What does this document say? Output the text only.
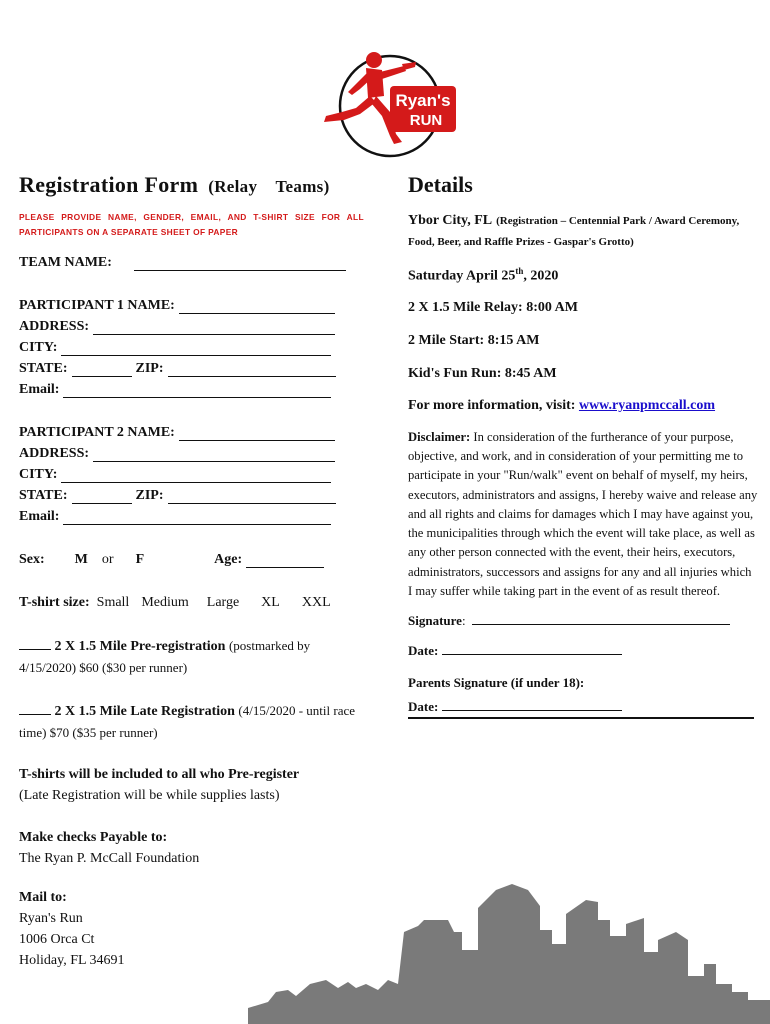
Ryan's
RUN
Registration Form (Relay Teams)
PLEASE PROVIDE NAME, GENDER, EMAIL, AND T-SHIRT SIZE FOR ALL PARTICIPANTS ON A SEPARATE SHEET OF PAPER
TEAM NAME:
PARTICIPANT 1 NAME:
ADDRESS:
CITY:
STATE:	ZIP:
Email:
PARTICIPANT 2 NAME:
ADDRESS:
CITY:
STATE:	ZIP:
Email:
Sex: M or F	Age:
T-shirt size: Small Medium Large XL XXL
2 X 1.5 Mile Pre-registration (postmarked by 4/15/2020) $60 ($30 per runner)
2 X 1.5 Mile Late Registration (4/15/2020 - until race time) $70 ($35 per runner)
T-shirts will be included to all who Pre-register
(Late Registration will be while supplies lasts)
Make checks Payable to:
The Ryan P. McCall Foundation
Mail to:
Ryan's Run
1006 Orca Ct
Holiday, FL 34691
Details
Ybor City, FL (Registration – Centennial Park / Award Ceremony, Food, Beer, and Raffle Prizes - Gaspar's Grotto)
Saturday April 25th, 2020
2 X 1.5 Mile Relay: 8:00 AM
2 Mile Start: 8:15 AM
Kid's Fun Run: 8:45 AM
For more information, visit: www.ryanpmccall.com
Disclaimer: In consideration of the furtherance of your purpose, objective, and work, and in consideration of your permitting me to participate in your "Run/walk" event on behalf of myself, my heirs, executors, administrators and assigns, I hereby waive and release any and all rights and claims for damages which I may have against you, the municipalities through which the event will take place, as well as any other person connected with the event, their heirs, executors, administrators, successors and assigns for any and all injuries which I may suffer while taking part in the event of as result thereof.
Signature:
Date:
Parents Signature (if under 18):
Date:
